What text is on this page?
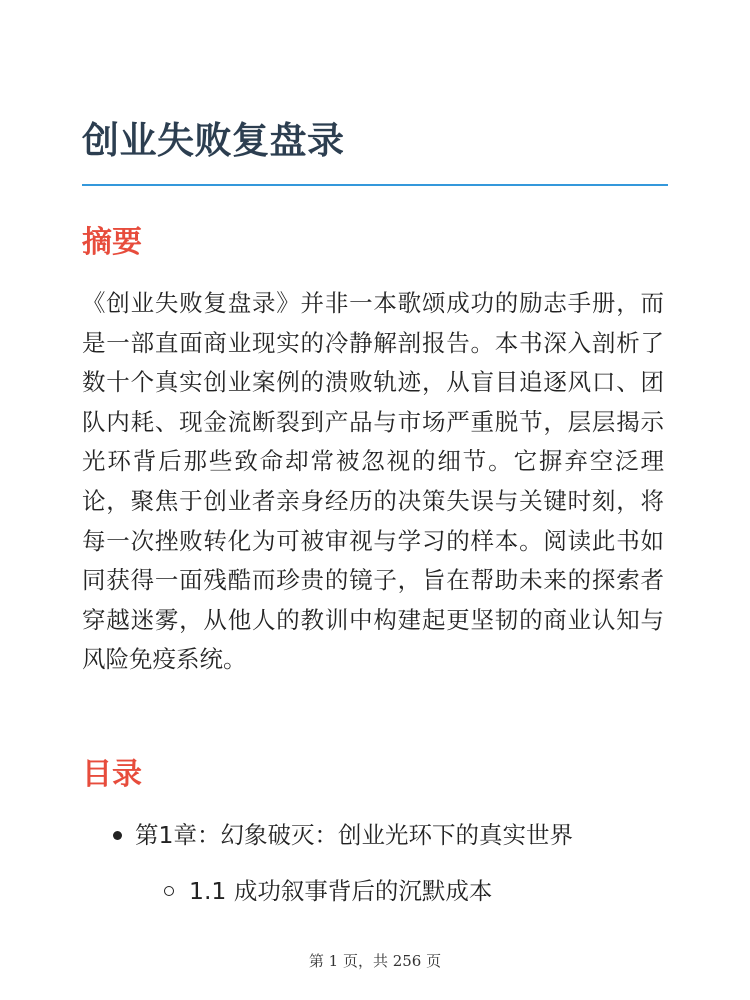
创业失败复盘录
摘要

《创业失败复盘录》并非一本歌颂成功的励志手册，而是一部直面商业现实的冷静解剖报告。本书深入剖析了数十个真实创业案例的溃败轨迹，从盲目追逐风口、团队内耗、现金流断裂到产品与市场严重脱节，层层揭示光环背后那些致命却常被忽视的细节。它摒弃空泛理论，聚焦于创业者亲身经历的决策失误与关键时刻，将每一次挫败转化为可被审视与学习的样本。阅读此书如同获得一面残酷而珍贵的镜子，旨在帮助未来的探索者穿越迷雾，从他人的教训中构建起更坚韧的商业认知与风险免疫系统。

目录
第1章：幻象破灭：创业光环下的真实世界
1.1 成功叙事背后的沉默成本
第 1 页，共 256 页
